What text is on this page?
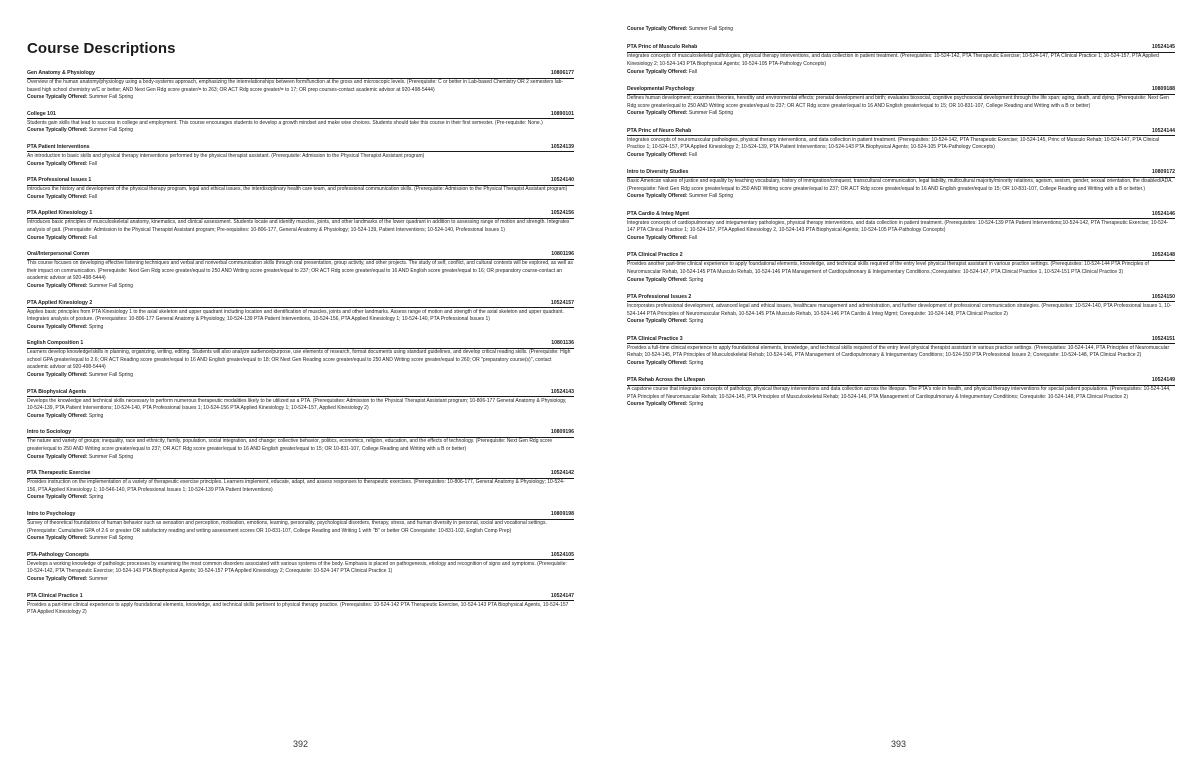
Course Descriptions
Gen Anatomy & Physiology	10806177
Overview of the human anatomy/physiology using a body-systems approach, emphasizing the interrelationships between form/function at the gross and microscopic levels. (Prerequisite: C or better in Lab-based Chemistry OR 2 semesters lab-based high school chemistry w/C or better; AND Next Gen Rdg score greater/= to 263; OR ACT Rdg score greater/= to 17; OR prep courses-contact academic advisor at 920-498-5444)
Course Typically Offered: Summer Fall Spring
College 101	10890101
Students gain skills that lead to success in college and employment. This course encourages students to develop a growth mindset and make wise choices. Students should take this course in their first semester. (Pre-requisite: None.)
Course Typically Offered: Summer Fall Spring
PTA Patient Interventions	10524139
An introduction to basic skills and physical therapy interventions performed by the physical therapist assistant. (Prerequisite: Admission to the Physical Therapist Assistant program)
Course Typically Offered: Fall
PTA Professional Issues 1	10524140
Introduces the history and development of the physical therapy program, legal and ethical issues, the interdisciplinary health care team, and professional communication skills. (Prerequisite: Admission to the Physical Therapist Assistant program)
Course Typically Offered: Fall
PTA Applied Kinesiology 1	10524156
Introduces basic principles of musculoskeletal anatomy, kinematics, and clinical assessment. Students locate and identify muscles, joints, and other landmarks of the lower quadrant in addition to assessing range of motion and strength. Integrates analysis of gait. (Prerequisite: Admission to the Physical Therapist Assistant program; Pre-requisites: 10-806-177, General Anatomy & Physiology; 10-524-139, Patient Interventions; 10-524-140, Professional Issues 1)
Course Typically Offered: Fall
Oral/Interpersonal Comm	10801196
This course focuses on developing effective listening techniques and verbal and nonverbal communication skills through oral presentation, group activity, and other projects. The study of self, conflict, and cultural contexts will be explored, as well as their impact on communication. (Prerequisite: Next Gen Rdg score greater/equal to 250 AND Writing score greater/equal to 237; OR ACT Rdg score greater/equal to 16 AND English score greater/equal to 16; OR preparatory course-contact an academic advisor at 920-498-5444)
Course Typically Offered: Summer Fall Spring
PTA Applied Kinesiology 2	10524157
Applies basic principles from PTA Kinesiology 1 to the axial skeleton and upper quadrant including location and identification of muscles, joints and other landmarks. Assess range of motion and strength of the axial skeleton and upper quadrant. Integrates analysis of posture. (Prerequisites: 10-806-177 General Anatomy & Physiology, 10-524-139 PTA Patient Interventions, 10-524-156, PTA Applied Kinesiology 1; 10-524-140, PTA Professional Issues 1)
Course Typically Offered: Spring
English Composition 1	10801136
Learners develop knowledge/skills in planning, organizing, writing, editing. Students will also analyze audience/purpose, use elements of research, format documents using standard guidelines, and develop critical reading skills. (Prerequisite: High school GPA greater/equal to 2.6; OR ACT Reading score greater/equal to 16 AND English greater/equal to 18; OR Next Gen Reading score greater/equal to 250 AND Writing score greater/equal to 260; OR "preparatory course(s)", contact academic advisor at 920-498-5444)
Course Typically Offered: Summer Fall Spring
PTA Biophysical Agents	10524143
Develops the knowledge and technical skills necessary to perform numerous therapeutic modalities likely to be utilized as a PTA. (Prerequisites: Admission to the Physical Therapist Assistant program; 10-806-177 General Anatomy & Physiology, 10-524-139, PTA Patient Interventions; 10-524-140, PTA Professional Issues 1; 10-524-156 PTA Applied Kinesiology 1; 10-524-157, Applied Kinesiology 2)
Course Typically Offered: Spring
Intro to Sociology	10809196
The nature and variety of groups; inequality, race and ethnicity, family, population, social integration, and change; collective behavior, politics, economics, religion, education, and the effects of technology. (Prerequisite: Next Gen Rdg score greater/equal to 250 AND Writing score greater/equal to 237; OR ACT Rdg score greater/equal to 16 AND English greater/equal to 15; OR 10-831-107, College Reading and Writing with a B or better)
Course Typically Offered: Summer Fall Spring
PTA Therapeutic Exercise	10524142
Provides instruction on the implementation of a variety of therapeutic exercise principles. Learners implement, educate, adapt, and assess responses to therapeutic exercises. (Prerequisites: 10-806-177, General Anatomy & Physiology; 10-524-156, PTA Applied Kinesiology 1; 10-546-140, PTA Professional Issues 1; 10-524-139 PTA Patient Interventions)
Course Typically Offered: Spring
Intro to Psychology	10809198
Survey of theoretical foundations of human behavior such as sensation and perception, motivation, emotions, learning, personality, psychological disorders, therapy, stress, and human diversity in personal, social and vocational settings. (Prerequisite: Cumulative GPA of 2.6 or greater OR satisfactory reading and writing assessment scores OR 10-831-107, College Reading and Writing 1 with "B" or better OR Corequisite: 10-831-102, English Comp Prep)
Course Typically Offered: Summer Fall Spring
PTA-Pathology Concepts	10524105
Develops a working knowledge of pathologic processes by examining the most common disorders associated with various systems of the body. Emphasis is placed on pathogenesis, etiology and recognition of signs and symptoms. (Prerequisite: 10-524-142, PTA Therapeutic Exercise; 10-524-143 PTA Biophysical Agents; 10-524-157 PTA Applied Kinesiology 2; Corequisite: 10-524-147 PTA Clinical Practice 1)
Course Typically Offered: Summer
PTA Clinical Practice 1	10524147
Provides a part-time clinical experience to apply foundational elements, knowledge, and technical skills pertinent to physical therapy practice. (Prerequisites: 10-524-142 PTA Therapeutic Exercise, 10-524-143 PTA Biophysical Agents, 10-524-157 PTA Applied Kinesiology 2)
392
Course Typically Offered: Summer Fall Spring
PTA Princ of Musculo Rehab	10524145
Integrates concepts of musculoskeletal pathologies, physical therapy interventions, and data collection in patient treatment. (Prerequisites: 10-524-142, PTA Therapeutic Exercise; 10-524-147, PTA Clinical Practice 1; 10-524-157, PTA Applied Kinesiology 2; 10-524-143 PTA Biophysical Agents; 10-524-105 PTA-Pathology Concepts)
Course Typically Offered: Fall
Developmental Psychology	10809188
Defines human development; examines theories, heredity and environmental effects; prenatal development and birth; evaluates biosocial, cognitive psychosocial development through the life span; aging, death, and dying. (Prerequisite: Next Gen Rdg score greater/equal to 250 AND Writing score greater/equal to 237; OR ACT Rdg score greater/equal to 16 AND English greater/equal to 15; OR 10-831-107, College Reading and Writing with a B or better)
Course Typically Offered: Summer Fall Spring
PTA Princ of Neuro Rehab	10524144
Integrates concepts of neuromuscular pathologies, physical therapy interventions, and data collection in patient treatment. (Prerequisites: 10-524-142, PTA Therapeutic Exercise; 10-524-145, Princ of Musculo Rehab; 10-524-147, PTA Clinical Practice 1; 10-524-157, PTA Applied Kinesiology 2; 10-524-139, PTA Patient Interventions; 10-524-143 PTA Biophysical Agents; 10-524-105 PTA-Pathology Concepts)
Course Typically Offered: Fall
Intro to Diversity Studies	10809172
Basic American values of justice and equality by teaching vocabulary, history of immigration/conquest, transcultural communication, legal liability, multicultural majority/minority relations, ageism, sexism, gender, sexual orientation, the disabled/ADA. (Prerequisite: Next Gen Rdg score greater/equal to 250 AND Writing score greater/equal to 237; OR ACT Rdg score greater/equal to 16 AND English greater/equal to 15; OR 10-831-107, College Reading and Writing with a B or better.)
Course Typically Offered: Summer Fall Spring
PTA Cardio & Integ Mgmt	10524146
Integrates concepts of cardiopulmonary and integumentary pathologies, physical therapy interventions, and data collection in patient treatment. (Prerequisites: 10-524-139 PTA Patient Interventions;10-524-142, PTA Therapeutic Exercise; 10-524-147 PTA Clinical Practice 1; 10-524-157, PTA Applied Kinesiology 2, 10-524-143 PTA Biophysical Agents; 10-524-105 PTA-Pathology Concepts)
Course Typically Offered: Fall
PTA Clinical Practice 2	10524148
Provides another part-time clinical experience to apply foundational elements, knowledge, and technical skills required of the entry level physical therapist assistant in various practice settings. (Prerequisites: 10-524-144 PTA Principles of Neuromuscular Rehab, 10-524-145 PTA Musculo Rehab, 10-524-146 PTA Management of Cardiopulmonary & Integumentary Conditions.;Corequisites: 10-524-147, PTA Clinical Practice 1, 10-524-151 PTA Clinical Practice 3)
Course Typically Offered: Spring
PTA Professional Issues 2	10524150
Incorporates professional development, advanced legal and ethical issues, healthcare management and administration, and further development of professional communication strategies. (Prerequisites: 10-524-140, PTA Professional Issues 1, 10-524-144 PTA Principles of Neuromuscular Rehab, 10-524-145 PTA Musculo Rehab, 10-524-146 PTA Cardio & Integ Mgmt; Corequisite: 10-524-148, PTA Clinical Practice 2)
Course Typically Offered: Spring
PTA Clinical Practice 3	10524151
Provides a full-time clinical experience to apply foundational elements, knowledge, and technical skills required of the entry level physical therapist assistant in various practice settings. (Prerequisites: 10-524-144, PTA Principles of Neuromuscular Rehab; 10-524-145, PTA Principles of Musculoskeletal Rehab; 10-524-146, PTA Management of Cardiopulmonary & Integumentary Conditions; 10-524-150 PTA Professional Issues 2; Corequisite: 10-524-148, PTA Clinical Practice 2)
Course Typically Offered: Spring
PTA Rehab Across the Lifespan	10524149
A capstone course that integrates concepts of pathology, physical therapy interventions and data collection across the lifespan. The PTA's role in health, and physical therapy interventions for special patient populations. (Prerequisites: 10-524-144, PTA Principles of Neuromuscular Rehab; 10-524-145, PTA Principles of Musculoskeletal Rehab; 10-524-146, PTA Management of Cardiopulmonary & Integumentary Conditions; Corequisite: 10-524-148, PTA Clinical Practice 2)
Course Typically Offered: Spring
393
